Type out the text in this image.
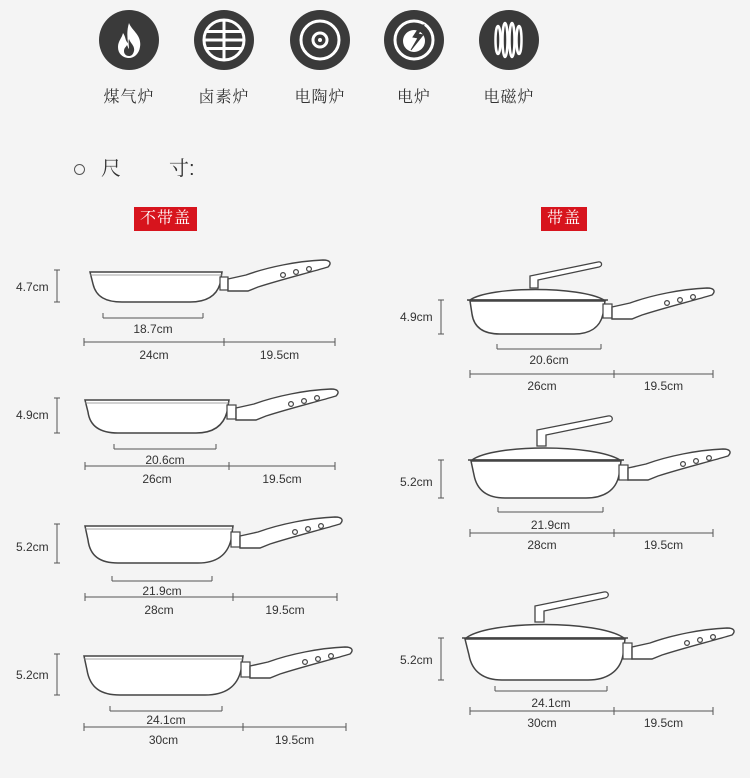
煤气炉	卤素炉	电陶炉	电炉	电磁炉
尺 寸:
不带盖	带盖
4.7cm
18.7cm
24cm	19.5cm
4.9cm
20.6cm
26cm	19.5cm
5.2cm
21.9cm
28cm	19.5cm
5.2cm
24.1cm
30cm	19.5cm
4.9cm
20.6cm
26cm	19.5cm
5.2cm
21.9cm
28cm	19.5cm
5.2cm
24.1cm
30cm	19.5cm
